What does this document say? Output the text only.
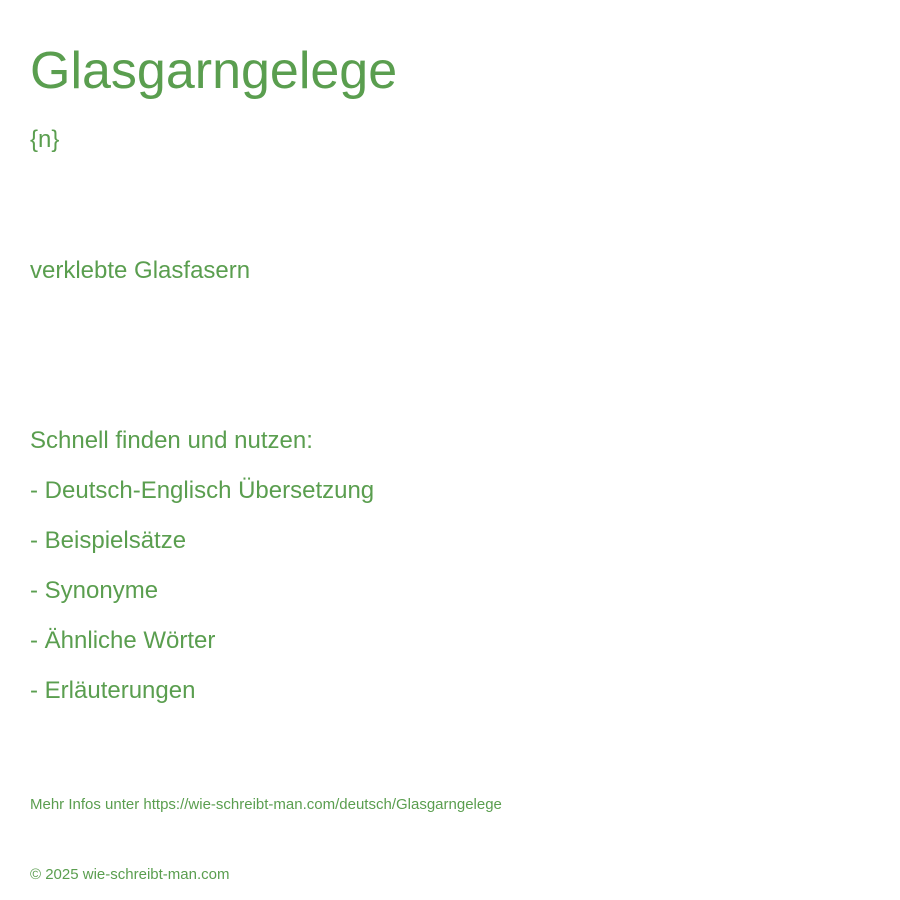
Glasgarngelege
{n}
verklebte Glasfasern
Schnell finden und nutzen:
- Deutsch-Englisch Übersetzung
- Beispielsätze
- Synonyme
- Ähnliche Wörter
- Erläuterungen
Mehr Infos unter https://wie-schreibt-man.com/deutsch/Glasgarngelege
© 2025 wie-schreibt-man.com
